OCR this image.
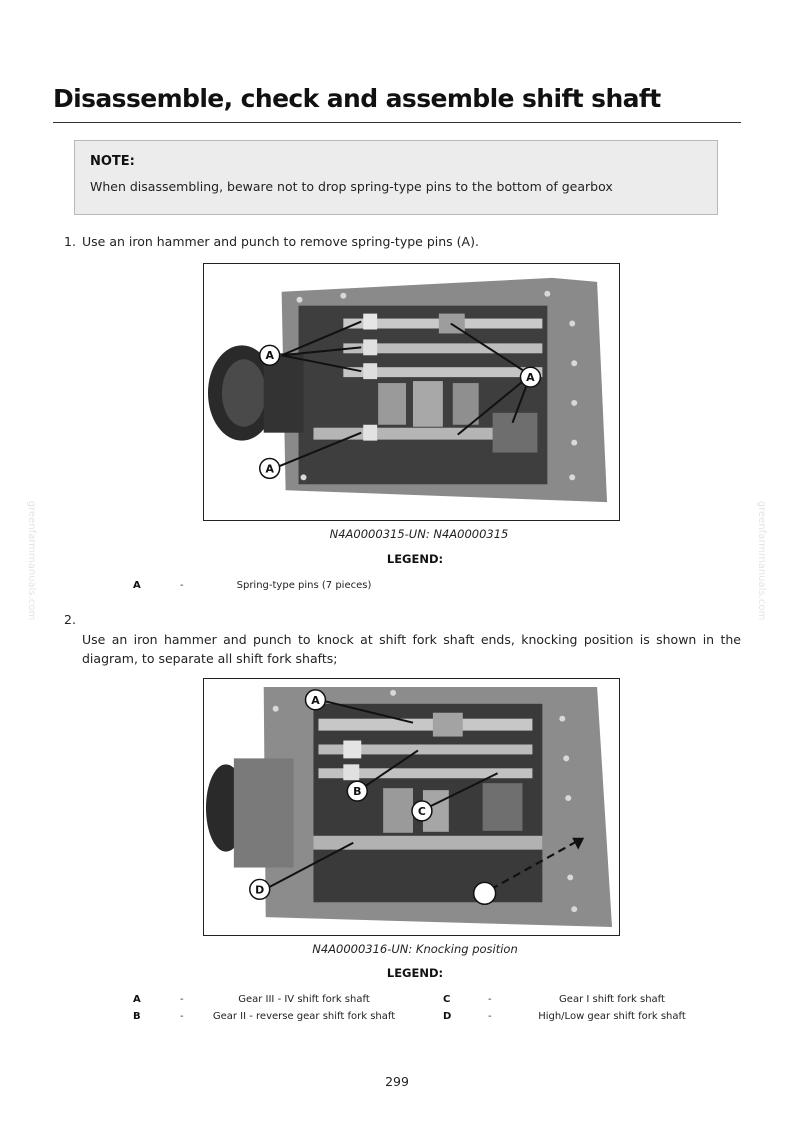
Disassemble, check and assemble shift shaft
NOTE:
When disassembling, beware not to drop spring-type pins to the bottom of gearbox
1. Use an iron hammer and punch to remove spring-type pins (A).
A
A
A
N4A0000315-UN: N4A0000315
LEGEND:
A	-	Spring-type pins (7 pieces)
2.
Use an iron hammer and punch to knock at shift fork shaft ends, knocking position is shown in the diagram, to separate all shift fork shafts;
A
B
C
D
N4A0000316-UN: Knocking position
LEGEND:
A	-	Gear III - IV shift fork shaft
B	-	Gear II - reverse gear shift fork shaft
C	-	Gear I shift fork shaft
D	-	High/Low gear shift fork shaft
299
greenfarmmanuals.com	greenfarmmanuals.com
